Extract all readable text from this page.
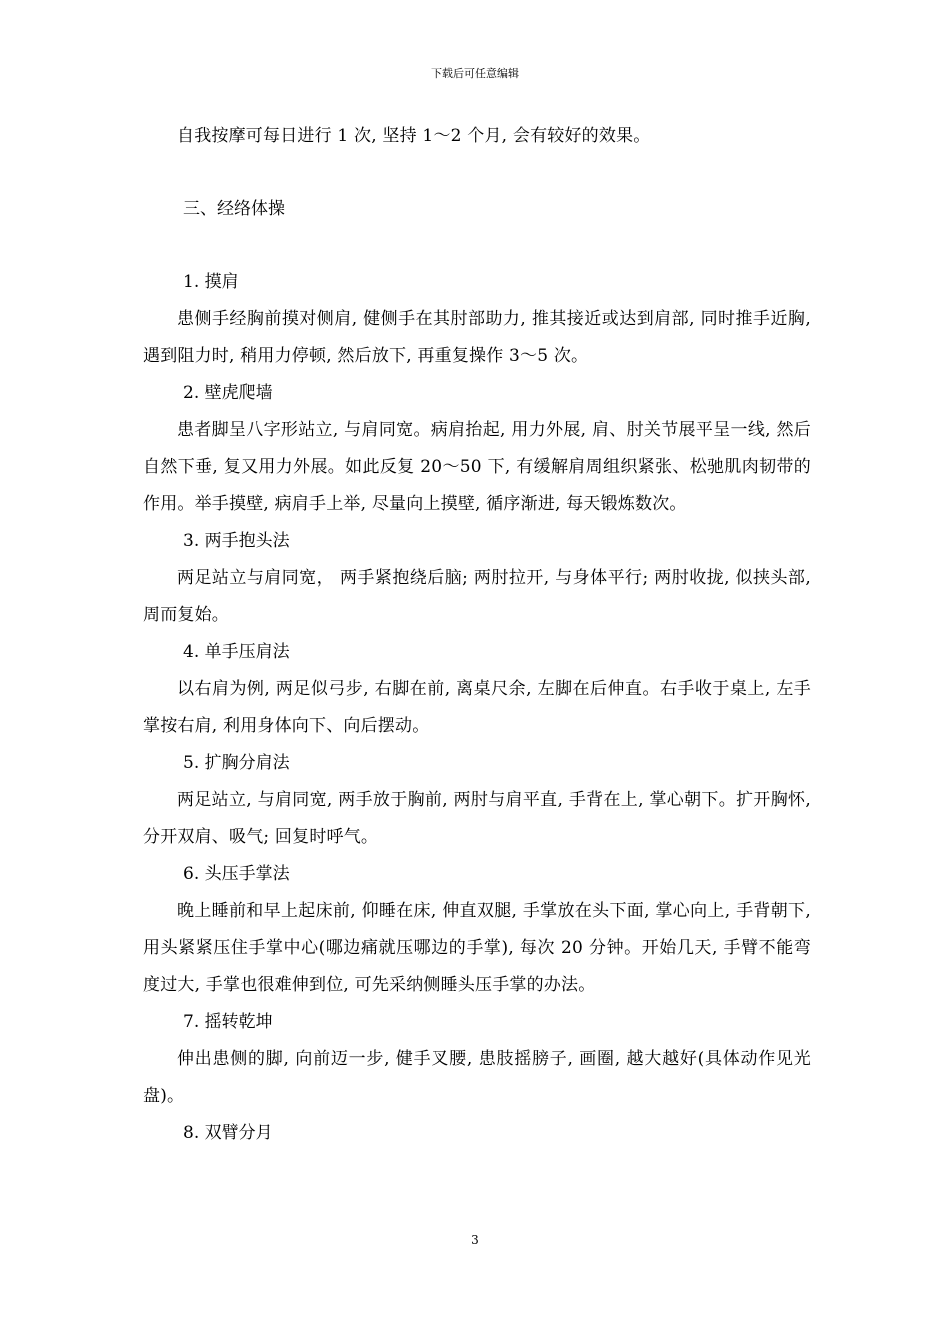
下载后可任意编辑

自我按摩可每日进行 1 次, 坚持 1～2 个月, 会有较好的效果。

三、经络体操

1. 摸肩

患侧手经胸前摸对侧肩, 健侧手在其肘部助力, 推其接近或达到肩部, 同时推手近胸, 遇到阻力时, 稍用力停顿, 然后放下, 再重复操作 3～5 次。

2. 壁虎爬墙

患者脚呈八字形站立, 与肩同宽。病肩抬起, 用力外展, 肩、肘关节展平呈一线, 然后自然下垂, 复又用力外展。如此反复 20～50 下, 有缓解肩周组织紧张、松驰肌肉韧带的作用。举手摸壁, 病肩手上举, 尽量向上摸壁, 循序渐进, 每天锻炼数次。

3. 两手抱头法

两足站立与肩同宽， 两手紧抱绕后脑; 两肘拉开, 与身体平行; 两肘收拢, 似挟头部, 周而复始。

4. 单手压肩法

以右肩为例, 两足似弓步, 右脚在前, 离桌尺余, 左脚在后伸直。右手收于桌上, 左手掌按右肩, 利用身体向下、向后摆动。

5. 扩胸分肩法

两足站立, 与肩同宽, 两手放于胸前, 两肘与肩平直, 手背在上, 掌心朝下。扩开胸怀, 分开双肩、吸气; 回复时呼气。

6. 头压手掌法

晚上睡前和早上起床前, 仰睡在床, 伸直双腿, 手掌放在头下面, 掌心向上, 手背朝下, 用头紧紧压住手掌中心(哪边痛就压哪边的手掌), 每次 20 分钟。开始几天, 手臂不能弯度过大, 手掌也很难伸到位, 可先采纳侧睡头压手掌的办法。

7. 摇转乾坤

伸出患侧的脚, 向前迈一步, 健手叉腰, 患肢摇膀子, 画圈, 越大越好(具体动作见光盘)。

8. 双臂分月

3
